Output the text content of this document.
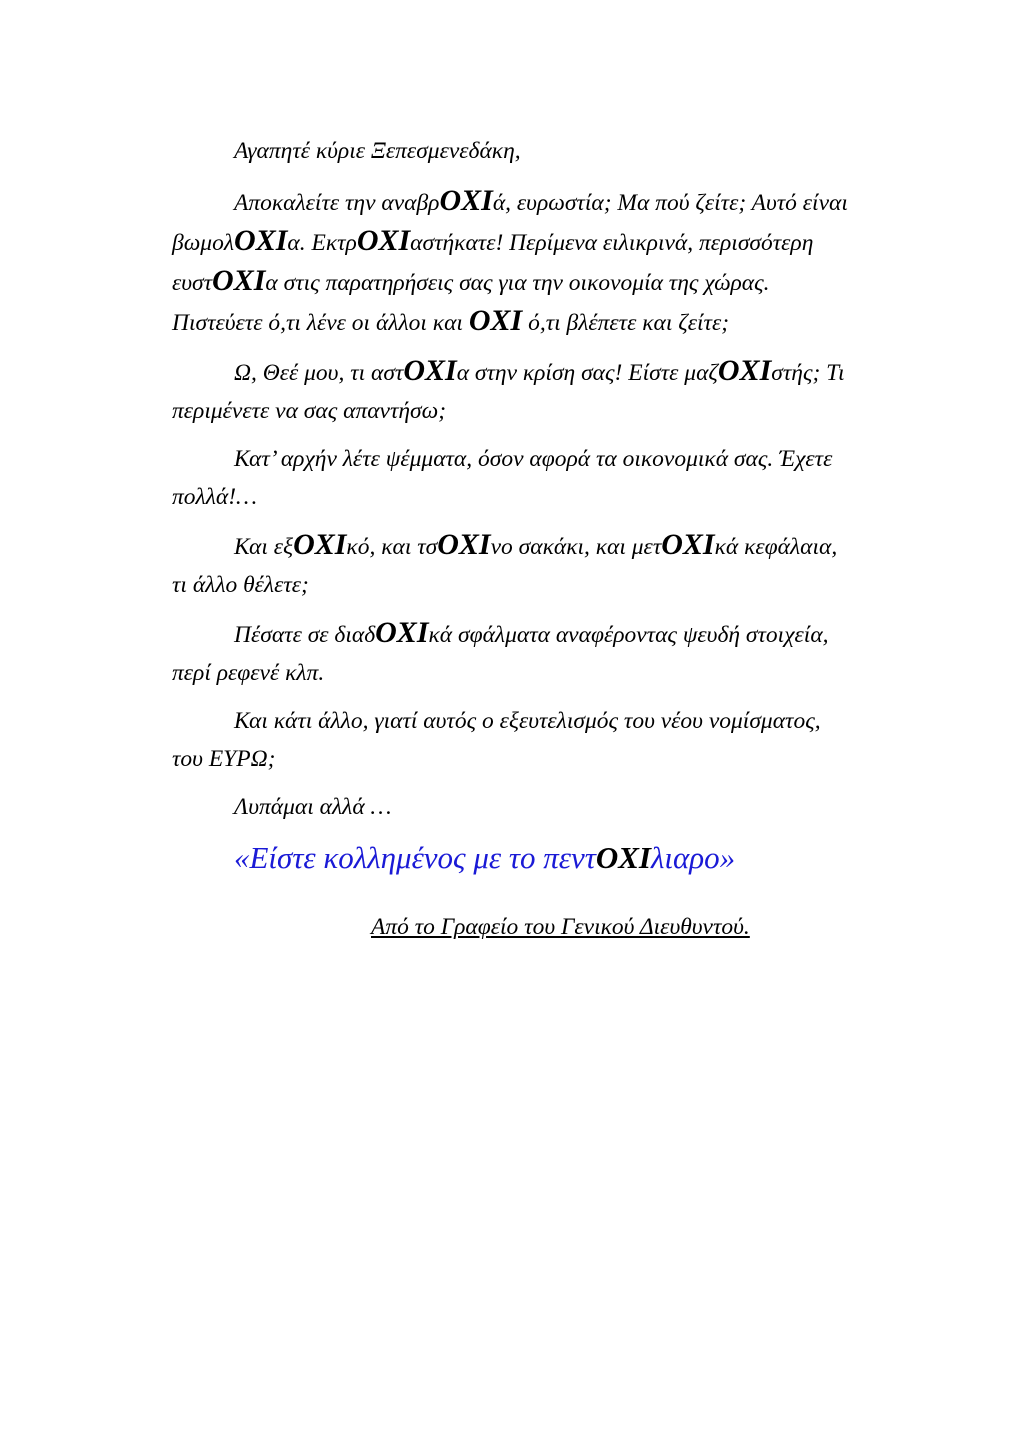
Αγαπητέ κύριε Ξεπεσμενεδάκη,

Αποκαλείτε την αναβρOXIά, ευρωστία; Μα πού ζείτε; Αυτό είναι βωμολOXIα. ΕκτρOXIαστήκατε! Περίμενα ειλικρινά, περισσότερη ευστOXIα στις παρατηρήσεις σας για την οικονομία της χώρας. Πιστεύετε ό,τι λένε οι άλλοι και OXI ό,τι βλέπετε και ζείτε;

Ω, Θεέ μου, τι αστOXIα στην κρίση σας! Είστε μαζOXIστής; Τι περιμένετε να σας απαντήσω;

Κατ’ αρχήν λέτε ψέμματα, όσον αφορά τα οικονομικά σας. Έχετε πολλά!…

Και εξOXIκό, και τσOXIνο σακάκι, και μετOXIκά κεφάλαια, τι άλλο θέλετε;

Πέσατε σε διαδOXIκά σφάλματα αναφέροντας ψευδή στοιχεία, περί ρεφενέ κλπ.

Και κάτι άλλο, γιατί αυτός ο εξευτελισμός του νέου νομίσματος, του ΕΥΡΩ;

Λυπάμαι αλλά …

«Είστε κολλημένος με το πεντOXIλιαρο»

Από το Γραφείο του Γενικού Διευθυντού.
